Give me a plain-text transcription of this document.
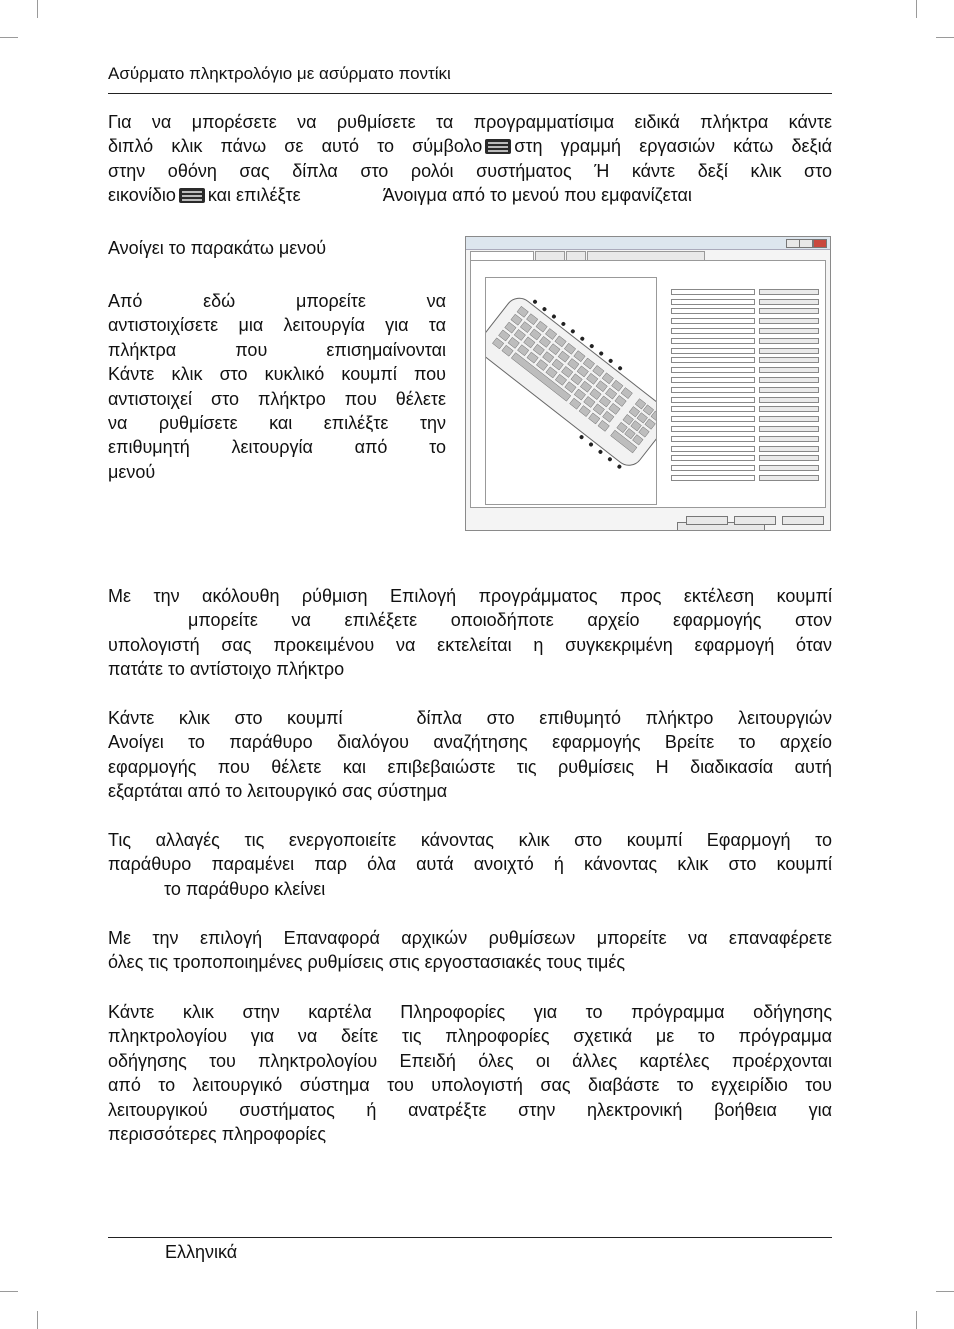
Ασύρματο πληκτρολόγιο με ασύρματο ποντίκι
Για να μπορέσετε να ρυθμίσετε τα προγραμματίσιμα ειδικά πλήκτρα κάντε
διπλό κλικ πάνω σε αυτό το σύμβολο στη γραμμή εργασιών κάτω δεξιά
στην οθόνη σας δίπλα στο ρολόι συστήματος Ή κάντε δεξί κλικ στο
εικονίδιο και επιλέξτε	Άνοιγμα από το μενού που εμφανίζεται
Ανοίγει το παρακάτω μενού
Από εδώ μπορείτε να
αντιστοιχίσετε μια λειτουργία για τα
πλήκτρα που επισημαίνονται
Κάντε κλικ στο κυκλικό κουμπί που
αντιστοιχεί στο πλήκτρο που θέλετε
να ρυθμίσετε και επιλέξτε την
επιθυμητή λειτουργία από το
μενού
Με την ακόλουθη ρύθμιση Επιλογή προγράμματος προς εκτέλεση κουμπί
μπορείτε να επιλέξετε οποιοδήποτε αρχείο εφαρμογής στον
υπολογιστή σας προκειμένου να εκτελείται η συγκεκριμένη εφαρμογή όταν
πατάτε το αντίστοιχο πλήκτρο
Κάντε κλικ στο κουμπί	δίπλα στο επιθυμητό πλήκτρο λειτουργιών
Ανοίγει το παράθυρο διαλόγου αναζήτησης εφαρμογής Βρείτε το αρχείο
εφαρμογής που θέλετε και επιβεβαιώστε τις ρυθμίσεις Η διαδικασία αυτή
εξαρτάται από το λειτουργικό σας σύστημα
Τις αλλαγές τις ενεργοποιείτε κάνοντας κλικ στο κουμπί Εφαρμογή το
παράθυρο παραμένει παρ όλα αυτά ανοιχτό ή κάνοντας κλικ στο κουμπί
το παράθυρο κλείνει
Με την επιλογή Επαναφορά αρχικών ρυθμίσεων μπορείτε να επαναφέρετε
όλες τις τροποποιημένες ρυθμίσεις στις εργοστασιακές τους τιμές
Κάντε κλικ στην καρτέλα Πληροφορίες για το πρόγραμμα οδήγησης
πληκτρολογίου για να δείτε τις πληροφορίες σχετικά με το πρόγραμμα
οδήγησης του πληκτρολογίου Επειδή όλες οι άλλες καρτέλες προέρχονται
από το λειτουργικό σύστημα του υπολογιστή σας διαβάστε το εγχειρίδιο του
λειτουργικού συστήματος ή ανατρέξτε στην ηλεκτρονική βοήθεια για
περισσότερες πληροφορίες
Ελληνικά
